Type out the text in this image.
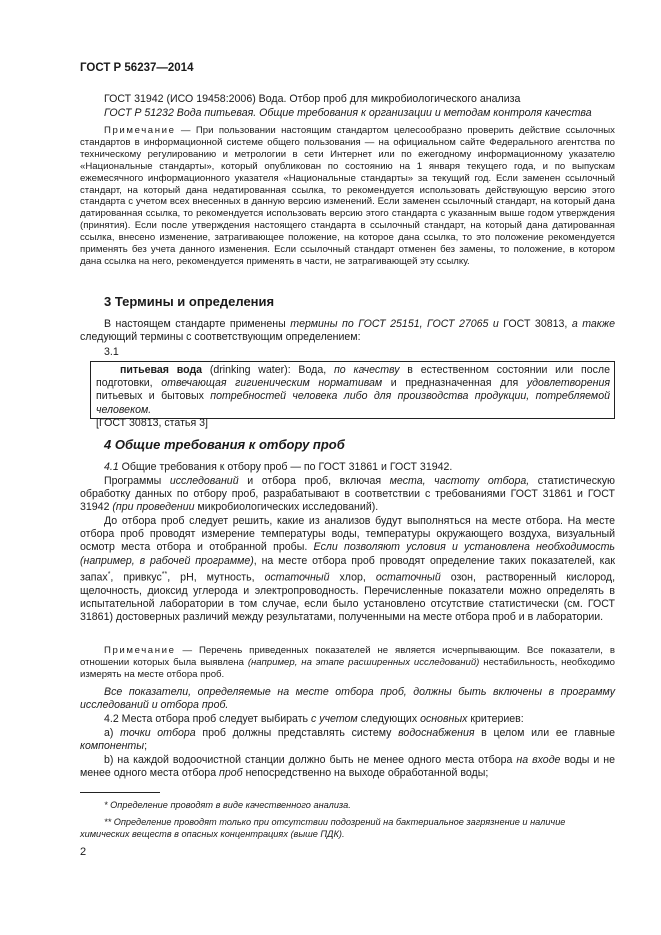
ГОСТ Р 56237—2014

ГОСТ 31942 (ИСО 19458:2006) Вода. Отбор проб для микробиологического анализа

ГОСТ Р 51232 Вода питьевая. Общие требования к организации и методам контроля качества

Примечание — При пользовании настоящим стандартом целесообразно проверить действие ссылочных стандартов в информационной системе общего пользования — на официальном сайте Федерального агентства по техническому регулированию и метрологии в сети Интернет или по ежегодному информационному указателю «Национальные стандарты», который опубликован по состоянию на 1 января текущего года, и по выпускам ежемесячного информационного указателя «Национальные стандарты» за текущий год. Если заменен ссылочный стандарт, на который дана недатированная ссылка, то рекомендуется использовать действующую версию этого стандарта с учетом всех внесенных в данную версию изменений. Если заменен ссылочный стандарт, на который дана датированная ссылка, то рекомендуется использовать версию этого стандарта с указанным выше годом утверждения (принятия). Если после утверждения настоящего стандарта в ссылочный стандарт, на который дана датированная ссылка, внесено изменение, затрагивающее положение, на которое дана ссылка, то это положение рекомендуется применять без учета данного изменения. Если ссылочный стандарт отменен без замены, то положение, в котором дана ссылка на него, рекомендуется применять в части, не затрагивающей эту ссылку.

3 Термины и определения

В настоящем стандарте применены термины по ГОСТ 25151, ГОСТ 27065 и ГОСТ 30813, а также следующий термины с соответствующим определением:

3.1

питьевая вода (drinking water): Вода, по качеству в естественном состоянии или после подготовки, отвечающая гигиеническим нормативам и предназначенная для удовлетворения питьевых и бытовых потребностей человека либо для производства продукции, потребляемой человеком.
[ГОСТ 30813, статья 3]

4 Общие требования к отбору проб

4.1 Общие требования к отбору проб — по ГОСТ 31861 и ГОСТ 31942.

Программы исследований и отбора проб, включая места, частоту отбора, статистическую обработку данных по отбору проб, разрабатывают в соответствии с требованиями ГОСТ 31861 и ГОСТ 31942 (при проведении микробиологических исследований).

До отбора проб следует решить, какие из анализов будут выполняться на месте отбора. На месте отбора проб проводят измерение температуры воды, температуры окружающего воздуха, визуальный осмотр места отбора и отобранной пробы. Если позволяют условия и установлена необходимость (например, в рабочей программе), на месте отбора проб проводят определение таких показателей, как запах*, привкус**, pH, мутность, остаточный хлор, остаточный озон, растворенный кислород, щелочность, диоксид углерода и электропроводность. Перечисленные показатели можно определять в испытательной лаборатории в том случае, если было установлено отсутствие статистически (см. ГОСТ 31861) достоверных различий между результатами, полученными на месте отбора проб и в лаборатории.

Примечание — Перечень приведенных показателей не является исчерпывающим. Все показатели, в отношении которых была выявлена (например, на этапе расширенных исследований) нестабильность, необходимо измерять на месте отбора проб.

Все показатели, определяемые на месте отбора проб, должны быть включены в программу исследований и отбора проб.

4.2 Места отбора проб следует выбирать с учетом следующих основных критериев:

a) точки отбора проб должны представлять систему водоснабжения в целом или ее главные компоненты;

b) на каждой водоочистной станции должно быть не менее одного места отбора на входе воды и не менее одного места отбора проб непосредственно на выходе обработанной воды;

* Определение проводят в виде качественного анализа.

** Определение проводят только при отсутствии подозрений на бактериальное загрязнение и наличие химических веществ в опасных концентрациях (выше ПДК).

2
